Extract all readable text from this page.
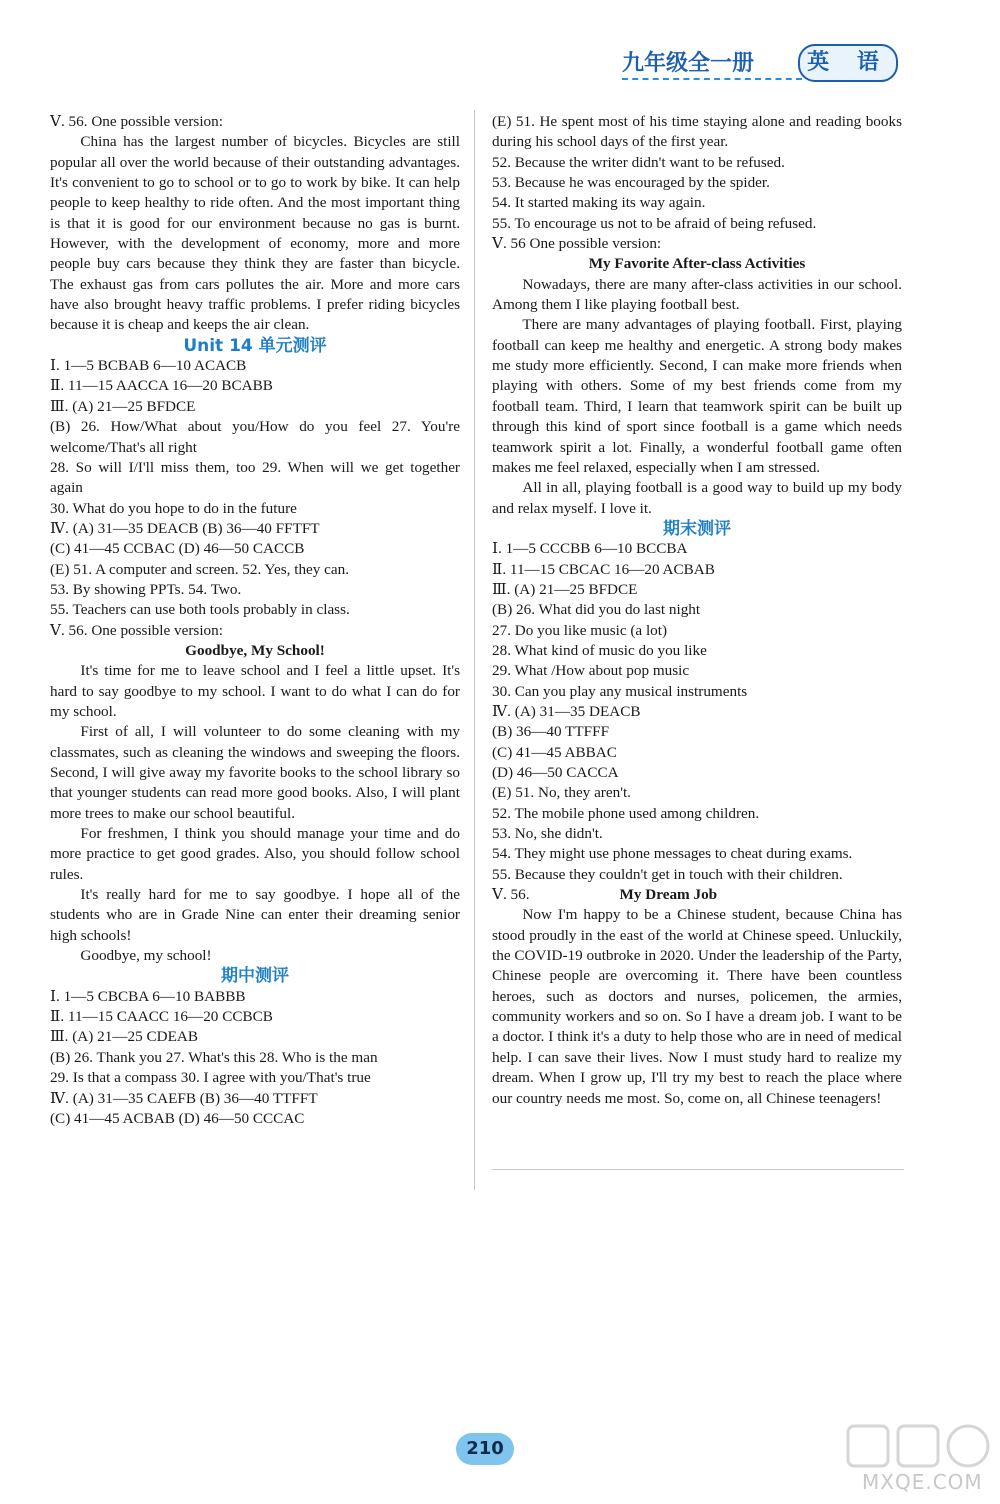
九年级全一册	英 语

Ⅴ. 56. One possible version:

China has the largest number of bicycles. Bicycles are still popular all over the world because of their outstanding advantages. It's convenient to go to school or to go to work by bike. It can help people to keep healthy to ride often. And the most important thing is that it is good for our environment because no gas is burnt. However, with the development of economy, more and more people buy cars because they think they are faster than bicycle. The exhaust gas from cars pollutes the air. More and more cars have also brought heavy traffic problems. I prefer riding bicycles because it is cheap and keeps the air clean.

Unit 14 单元测评

Ⅰ. 1—5 BCBAB 6—10 ACACB

Ⅱ. 11—15 AACCA 16—20 BCABB

Ⅲ. (A) 21—25 BFDCE

(B) 26. How/What about you/How do you feel 27. You're welcome/That's all right

28. So will I/I'll miss them, too 29. When will we get together again

30. What do you hope to do in the future

Ⅳ. (A) 31—35 DEACB (B) 36—40 FFTFT

(C) 41—45 CCBAC (D) 46—50 CACCB

(E) 51. A computer and screen. 52. Yes, they can.

53. By showing PPTs. 54. Two.

55. Teachers can use both tools probably in class.

Ⅴ. 56. One possible version:

Goodbye, My School!

It's time for me to leave school and I feel a little upset. It's hard to say goodbye to my school. I want to do what I can do for my school.

First of all, I will volunteer to do some cleaning with my classmates, such as cleaning the windows and sweeping the floors. Second, I will give away my favorite books to the school library so that younger students can read more good books. Also, I will plant more trees to make our school beautiful.

For freshmen, I think you should manage your time and do more practice to get good grades. Also, you should follow school rules.

It's really hard for me to say goodbye. I hope all of the students who are in Grade Nine can enter their dreaming senior high schools!

Goodbye, my school!

期中测评

Ⅰ. 1—5 CBCBA 6—10 BABBB

Ⅱ. 11—15 CAACC 16—20 CCBCB

Ⅲ. (A) 21—25 CDEAB

(B) 26. Thank you 27. What's this 28. Who is the man

29. Is that a compass 30. I agree with you/That's true

Ⅳ. (A) 31—35 CAEFB (B) 36—40 TTFFT

(C) 41—45 ACBAB (D) 46—50 CCCAC

(E) 51. He spent most of his time staying alone and reading books during his school days of the first year.

52. Because the writer didn't want to be refused.

53. Because he was encouraged by the spider.

54. It started making its way again.

55. To encourage us not to be afraid of being refused.

Ⅴ. 56 One possible version:

My Favorite After-class Activities

Nowadays, there are many after-class activities in our school. Among them I like playing football best.

There are many advantages of playing football. First, playing football can keep me healthy and energetic. A strong body makes me study more efficiently. Second, I can make more friends when playing with others. Some of my best friends come from my football team. Third, I learn that teamwork spirit can be built up through this kind of sport since football is a game which needs teamwork spirit a lot. Finally, a wonderful football game often makes me feel relaxed, especially when I am stressed.

All in all, playing football is a good way to build up my body and relax myself. I love it.

期末测评

Ⅰ. 1—5 CCCBB 6—10 BCCBA

Ⅱ. 11—15 CBCAC 16—20 ACBAB

Ⅲ. (A) 21—25 BFDCE

(B) 26. What did you do last night

27. Do you like music (a lot)

28. What kind of music do you like

29. What /How about pop music

30. Can you play any musical instruments

Ⅳ. (A) 31—35 DEACB

(B) 36—40 TTFFF

(C) 41—45 ABBAC

(D) 46—50 CACCA

(E) 51. No, they aren't.

52. The mobile phone used among children.

53. No, she didn't.

54. They might use phone messages to cheat during exams.

55. Because they couldn't get in touch with their children.

Ⅴ. 56.	My Dream Job

Now I'm happy to be a Chinese student, because China has stood proudly in the east of the world at Chinese speed. Unluckily, the COVID-19 outbroke in 2020. Under the leadership of the Party, Chinese people are overcoming it. There have been countless heroes, such as doctors and nurses, policemen, the armies, community workers and so on. So I have a dream job. I want to be a doctor. I think it's a duty to help those who are in need of medical help. I can save their lives. Now I must study hard to realize my dream. When I grow up, I'll try my best to reach the place where our country needs me most. So, come on, all Chinese teenagers!

210
MXQE.COM
